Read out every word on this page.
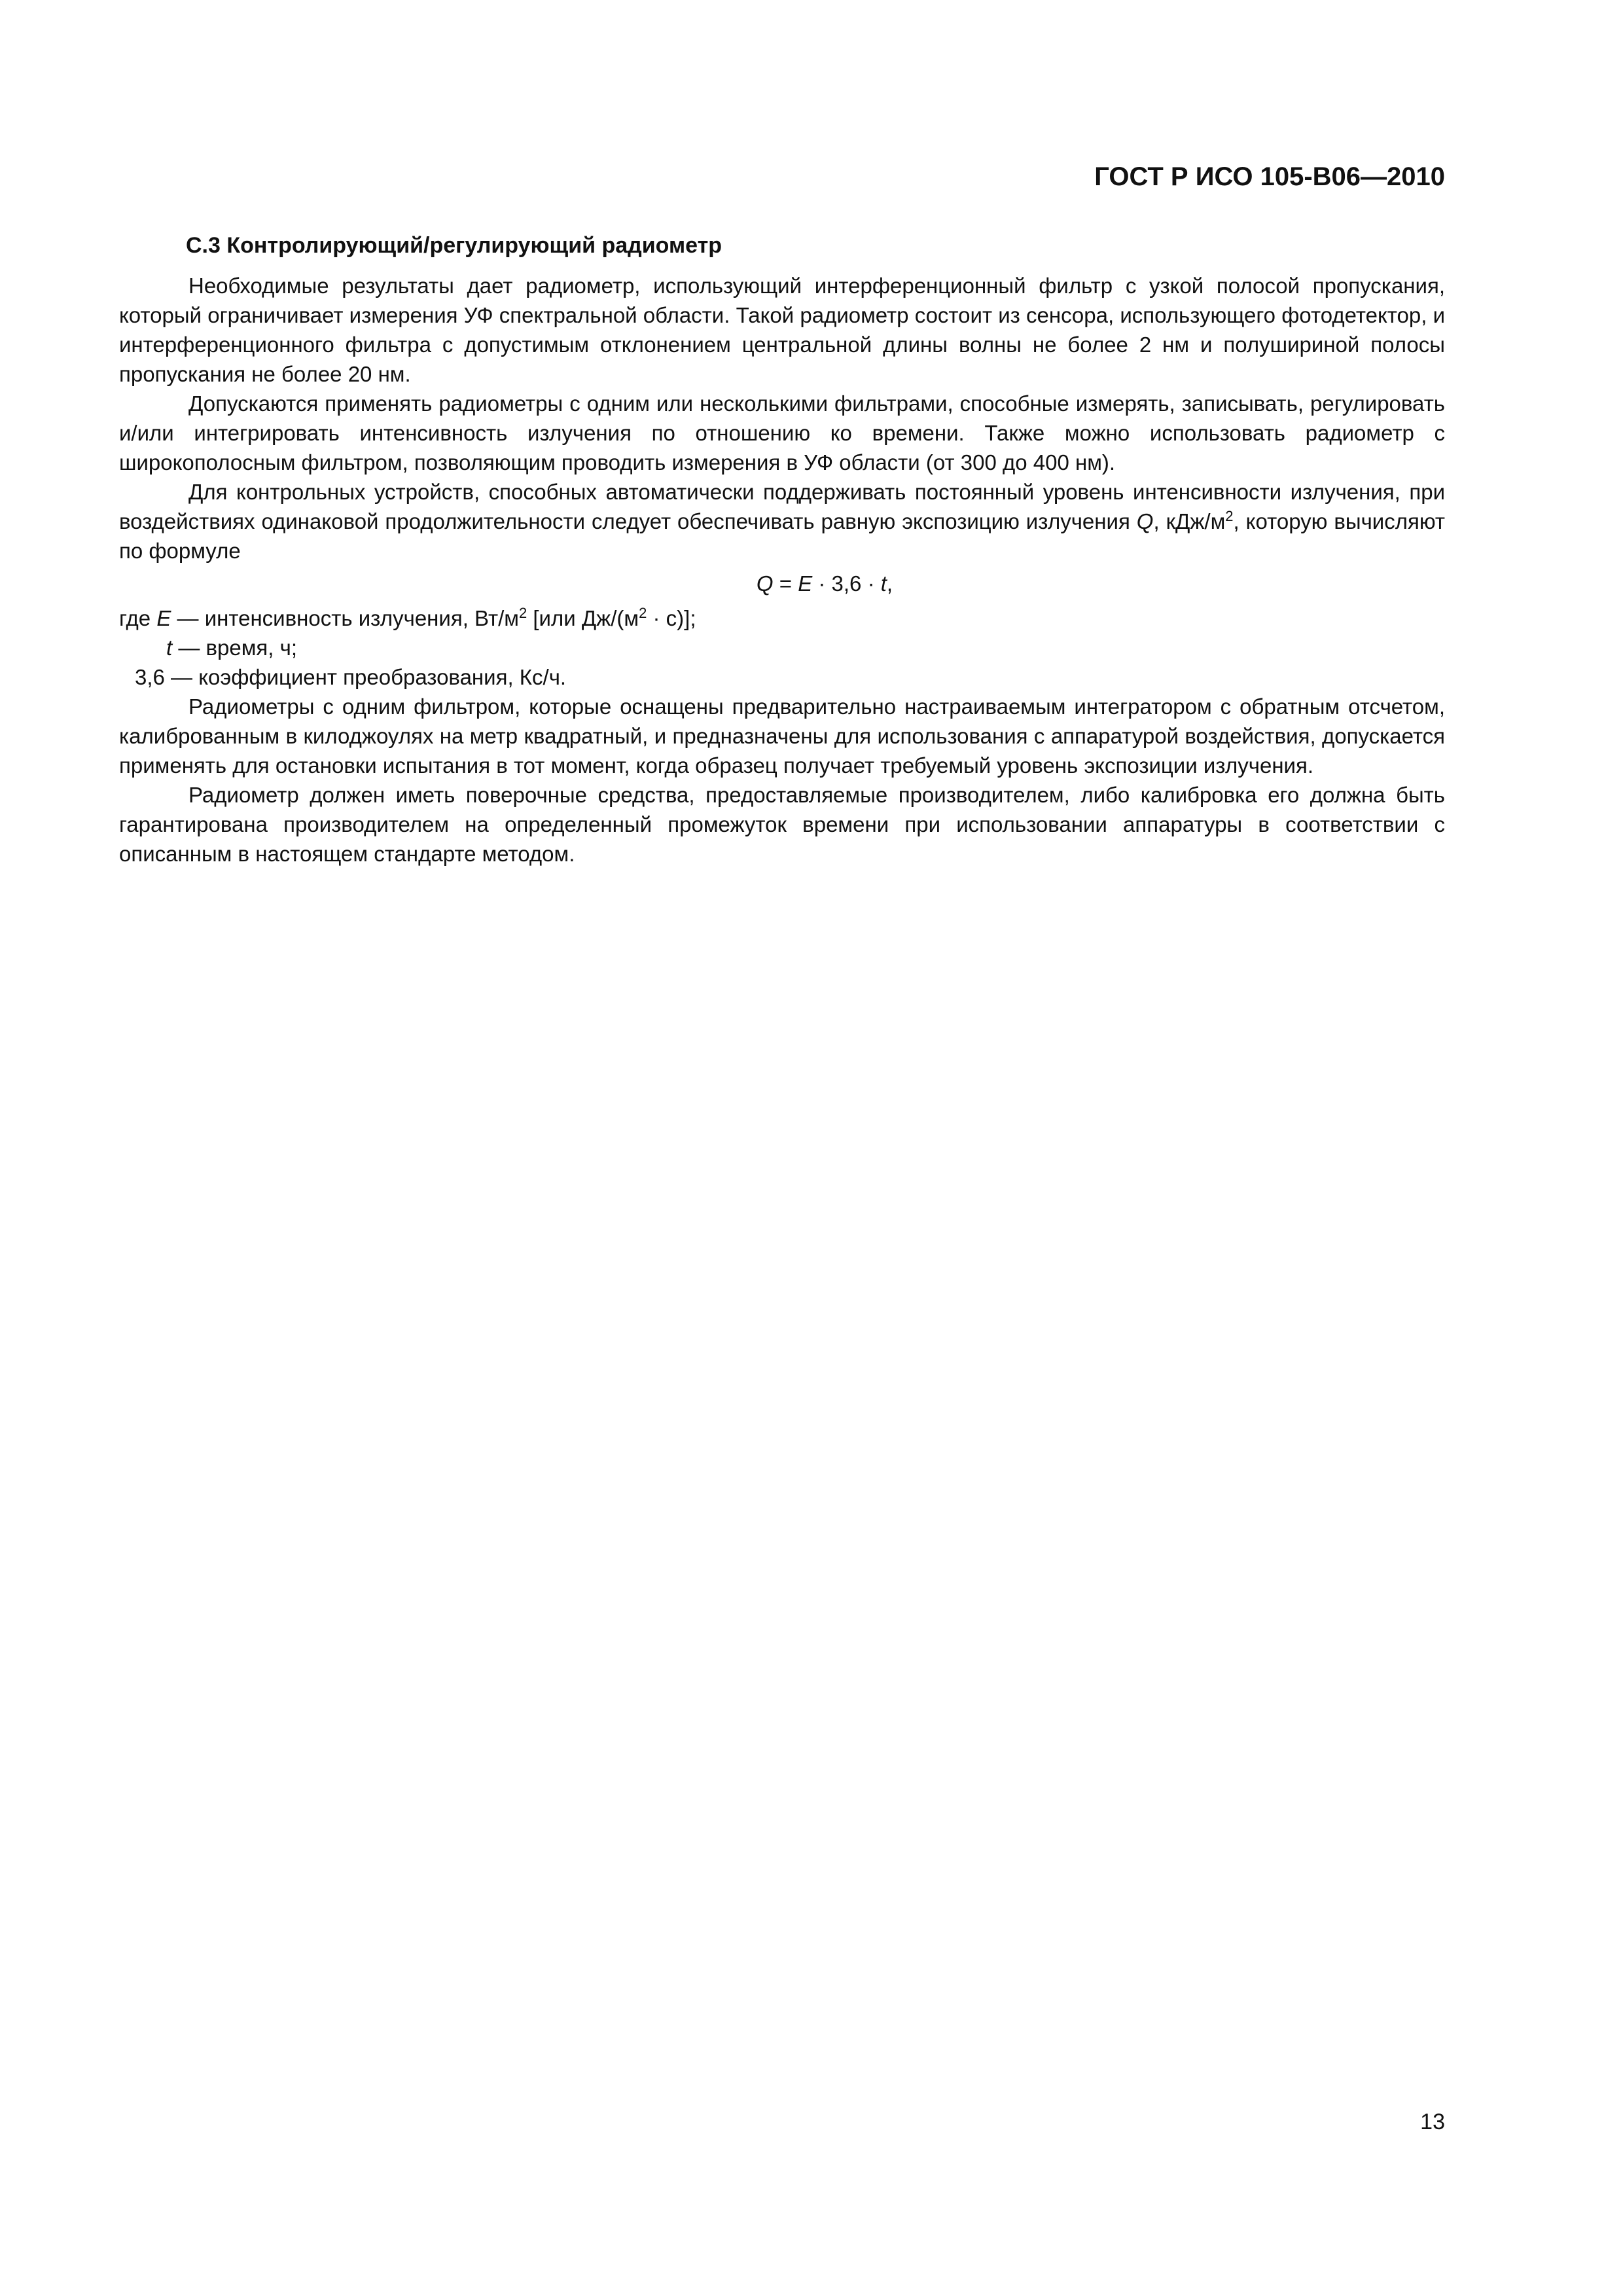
ГОСТ Р ИСО 105-B06—2010
С.3 Контролирующий/регулирующий радиометр

Необходимые результаты дает радиометр, использующий интерференционный фильтр с узкой полосой пропускания, который ограничивает измерения УФ спектральной области. Такой радиометр состоит из сенсора, использующего фотодетектор, и интерференционного фильтра с допустимым отклонением центральной длины волны не более 2 нм и полушириной полосы пропускания не более 20 нм.

Допускаются применять радиометры с одним или несколькими фильтрами, способные измерять, записывать, регулировать и/или интегрировать интенсивность излучения по отношению ко времени. Также можно использовать радиометр с широкополосным фильтром, позволяющим проводить измерения в УФ области (от 300 до 400 нм).

Для контрольных устройств, способных автоматически поддерживать постоянный уровень интенсивности излучения, при воздействиях одинаковой продолжительности следует обеспечивать равную экспозицию излучения Q, кДж/$м^2$, которую вычисляют по формуле

Q = E · 3,6 · t,

где E — интенсивность излучения, $Вт/м^2$ [или $Дж/(м^2 \cdot с)$];

t — время, ч;

3,6 — коэффициент преобразования, Кс/ч.

Радиометры с одним фильтром, которые оснащены предварительно настраиваемым интегратором с обратным отсчетом, калиброванным в килоджоулях на метр квадратный, и предназначены для использования с аппаратурой воздействия, допускается применять для остановки испытания в тот момент, когда образец получает требуемый уровень экспозиции излучения.

Радиометр должен иметь поверочные средства, предоставляемые производителем, либо калибровка его должна быть гарантирована производителем на определенный промежуток времени при использовании аппаратуры в соответствии с описанным в настоящем стандарте методом.

13
